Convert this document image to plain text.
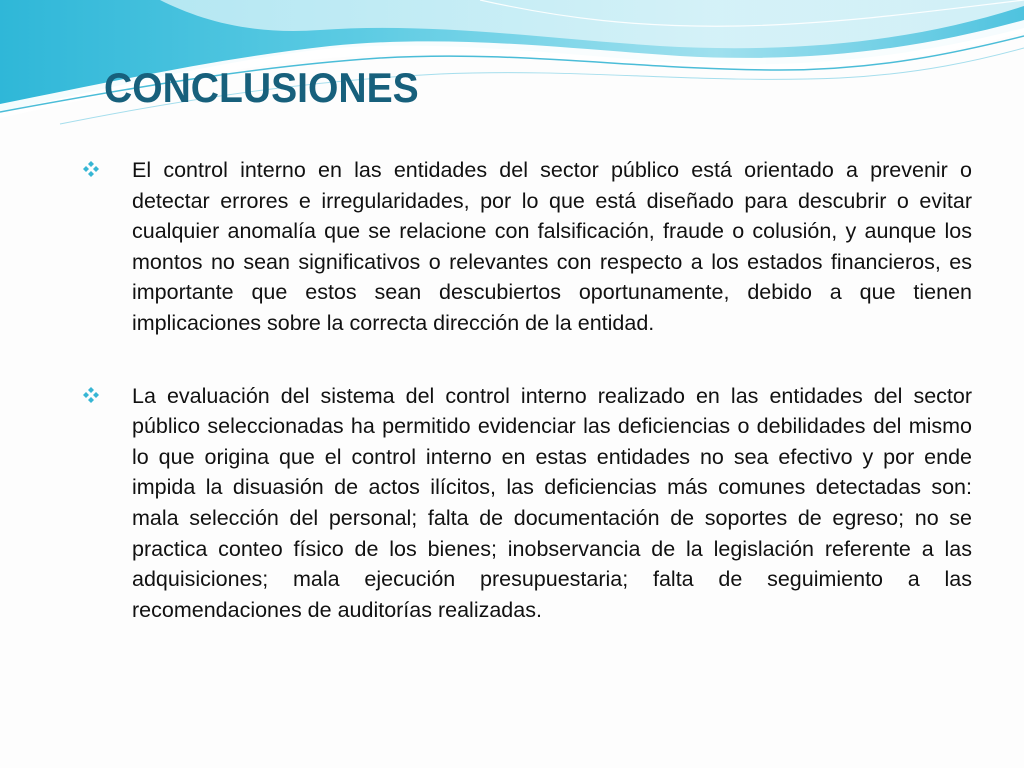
CONCLUSIONES
El control interno en las entidades del sector público está orientado a prevenir o detectar errores e irregularidades, por lo que está diseñado para descubrir o evitar cualquier anomalía que se relacione con falsificación, fraude o colusión, y aunque los montos no sean significativos o relevantes con respecto a los estados financieros, es importante que estos sean descubiertos oportunamente, debido a que tienen implicaciones sobre la correcta dirección de la entidad.
La evaluación del sistema del control interno realizado en las entidades del sector público seleccionadas ha permitido evidenciar las deficiencias o debilidades del mismo lo que origina que el control interno en estas entidades no sea efectivo y por ende impida la disuasión de actos ilícitos, las deficiencias más comunes detectadas son: mala selección del personal; falta de documentación de soportes de egreso; no se practica conteo físico de los bienes; inobservancia de la legislación referente a las adquisiciones; mala ejecución presupuestaria; falta de seguimiento a las recomendaciones de auditorías realizadas.
